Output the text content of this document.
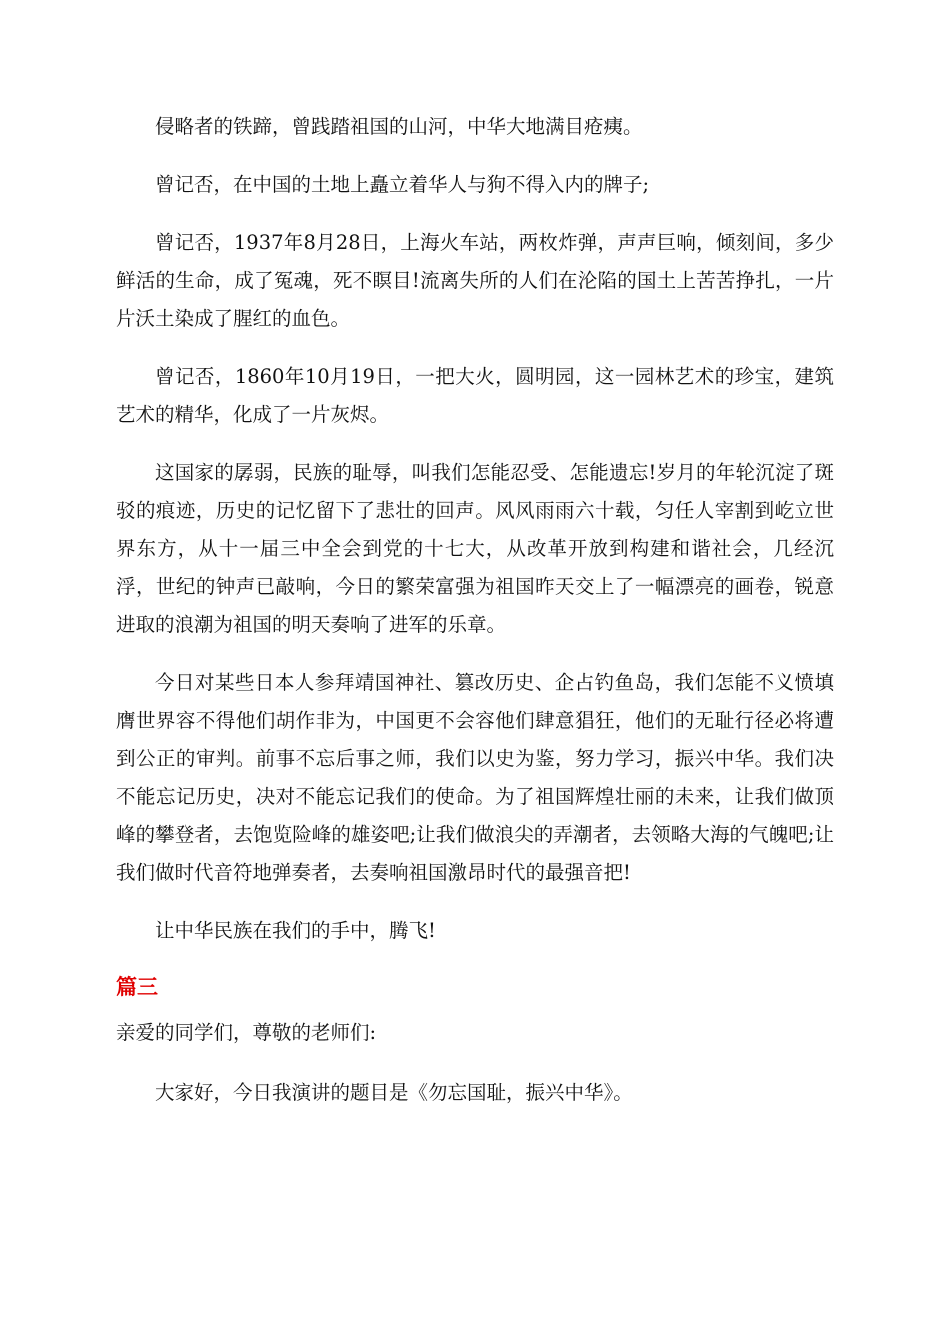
侵略者的铁蹄，曾践踏祖国的山河，中华大地满目疮痍。

曾记否，在中国的土地上矗立着华人与狗不得入内的牌子;

曾记否，1937年8月28日，上海火车站，两枚炸弹，声声巨响，倾刻间，多少鲜活的生命，成了冤魂，死不瞑目!流离失所的人们在沦陷的国土上苦苦挣扎，一片片沃土染成了腥红的血色。

曾记否，1860年10月19日，一把大火，圆明园，这一园林艺术的珍宝，建筑艺术的精华，化成了一片灰烬。

这国家的孱弱，民族的耻辱，叫我们怎能忍受、怎能遗忘!岁月的年轮沉淀了斑驳的痕迹，历史的记忆留下了悲壮的回声。风风雨雨六十载，匀任人宰割到屹立世界东方，从十一届三中全会到党的十七大，从改革开放到构建和谐社会，几经沉浮，世纪的钟声已敲响，今日的繁荣富强为祖国昨天交上了一幅漂亮的画卷，锐意进取的浪潮为祖国的明天奏响了进军的乐章。

今日对某些日本人参拜靖国神社、篡改历史、企占钓鱼岛，我们怎能不义愤填膺世界容不得他们胡作非为，中国更不会容他们肆意猖狂，他们的无耻行径必将遭到公正的审判。前事不忘后事之师，我们以史为鉴，努力学习，振兴中华。我们决不能忘记历史，决对不能忘记我们的使命。为了祖国辉煌壮丽的未来，让我们做顶峰的攀登者，去饱览险峰的雄姿吧;让我们做浪尖的弄潮者，去领略大海的气魄吧;让我们做时代音符地弹奏者，去奏响祖国激昂时代的最强音把!

让中华民族在我们的手中，腾飞!

篇三

亲爱的同学们，尊敬的老师们:

大家好，今日我演讲的题目是《勿忘国耻，振兴中华》。
